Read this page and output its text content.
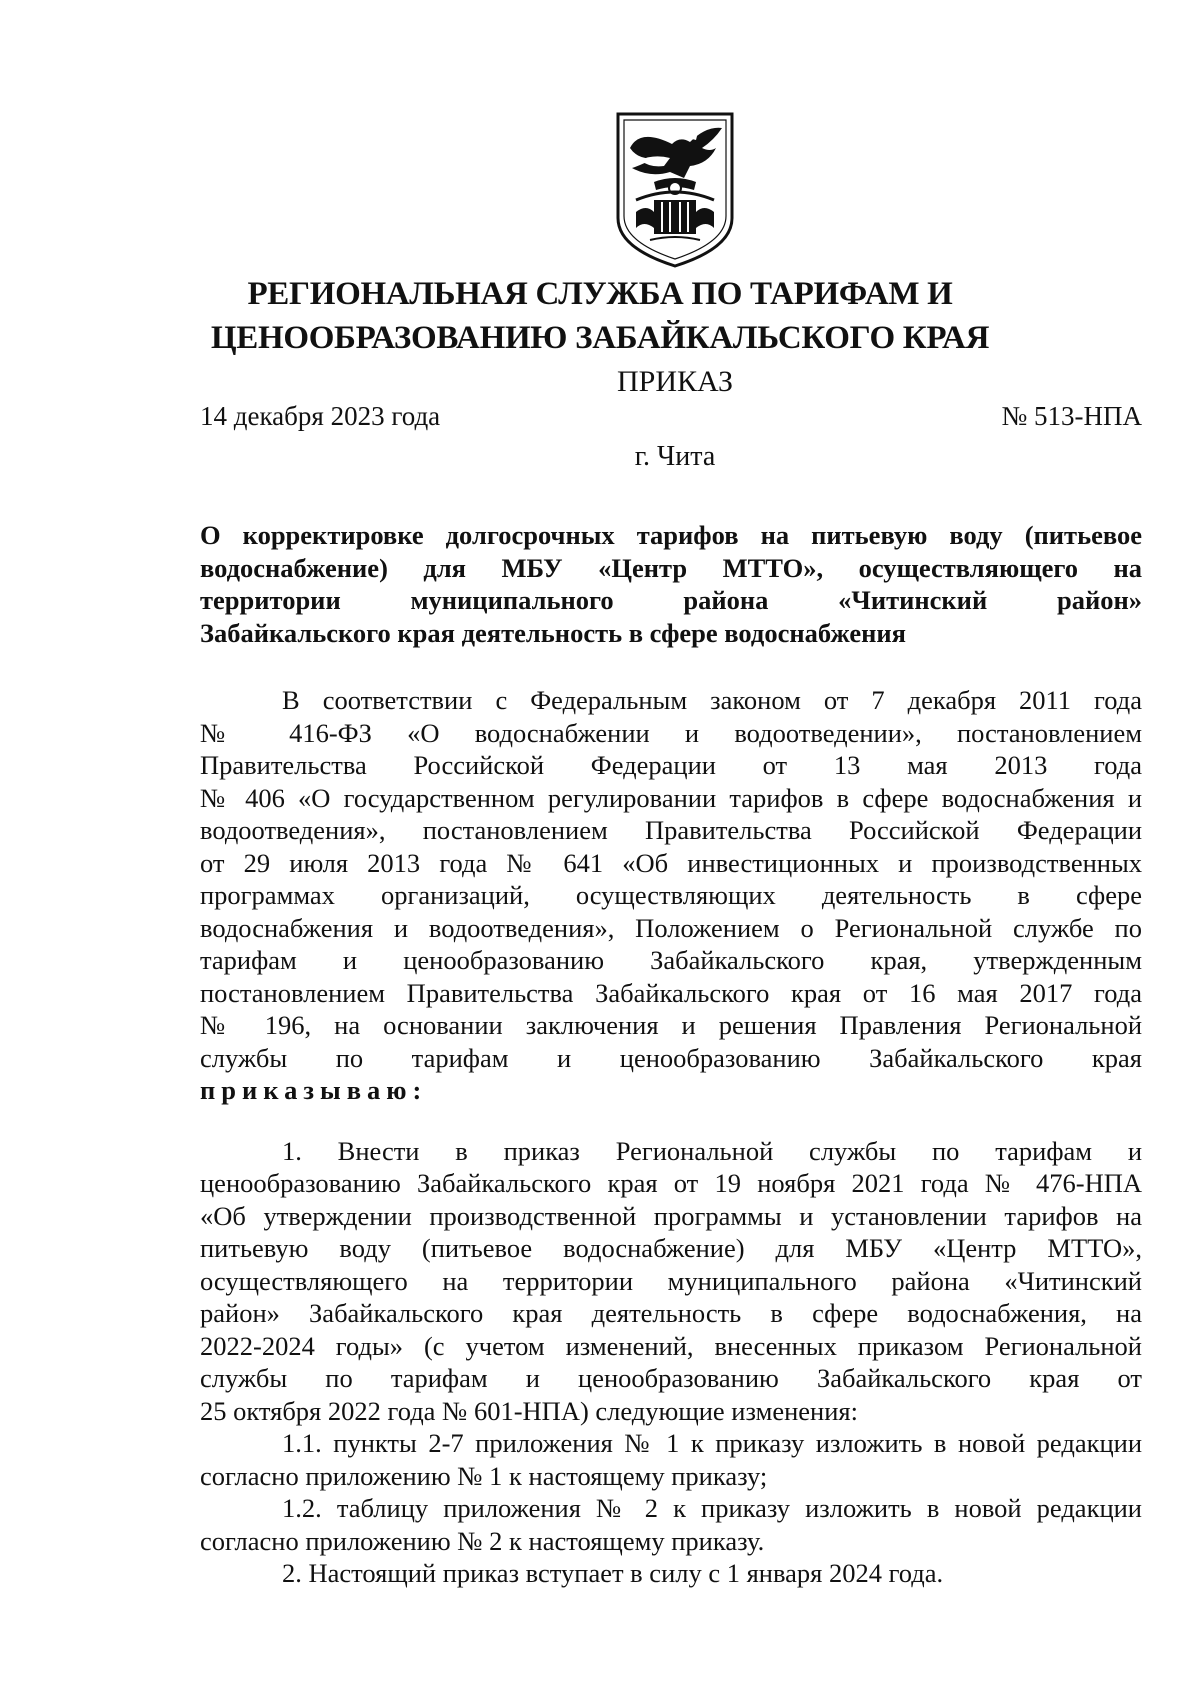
РЕГИОНАЛЬНАЯ СЛУЖБА ПО ТАРИФАМ И
ЦЕНООБРАЗОВАНИЮ ЗАБАЙКАЛЬСКОГО КРАЯ
ПРИКАЗ
14 декабря 2023 года	№ 513-НПА
г. Чита
О корректировке долгосрочных тарифов на питьевую воду (питьевое
водоснабжение) для МБУ «Центр МТТО», осуществляющего на
территории муниципального района «Читинский район»
Забайкальского края деятельность в сфере водоснабжения
В соответствии с Федеральным законом от 7 декабря 2011 года
№ 416-ФЗ «О водоснабжении и водоотведении», постановлением
Правительства Российской Федерации от 13 мая 2013 года
№ 406 «О государственном регулировании тарифов в сфере водоснабжения и
водоотведения», постановлением Правительства Российской Федерации
от 29 июля 2013 года № 641 «Об инвестиционных и производственных
программах организаций, осуществляющих деятельность в сфере
водоснабжения и водоотведения», Положением о Региональной службе по
тарифам и ценообразованию Забайкальского края, утвержденным
постановлением Правительства Забайкальского края от 16 мая 2017 года
№ 196, на основании заключения и решения Правления Региональной
службы по тарифам и ценообразованию Забайкальского края
приказываю:
1. Внести в приказ Региональной службы по тарифам и
ценообразованию Забайкальского края от 19 ноября 2021 года № 476-НПА
«Об утверждении производственной программы и установлении тарифов на
питьевую воду (питьевое водоснабжение) для МБУ «Центр МТТО»,
осуществляющего на территории муниципального района «Читинский
район» Забайкальского края деятельность в сфере водоснабжения, на
2022-2024 годы» (с учетом изменений, внесенных приказом Региональной
службы по тарифам и ценообразованию Забайкальского края от
25 октября 2022 года № 601-НПА) следующие изменения:
1.1. пункты 2-7 приложения № 1 к приказу изложить в новой редакции
согласно приложению № 1 к настоящему приказу;
1.2. таблицу приложения № 2 к приказу изложить в новой редакции
согласно приложению № 2 к настоящему приказу.
2. Настоящий приказ вступает в силу с 1 января 2024 года.
